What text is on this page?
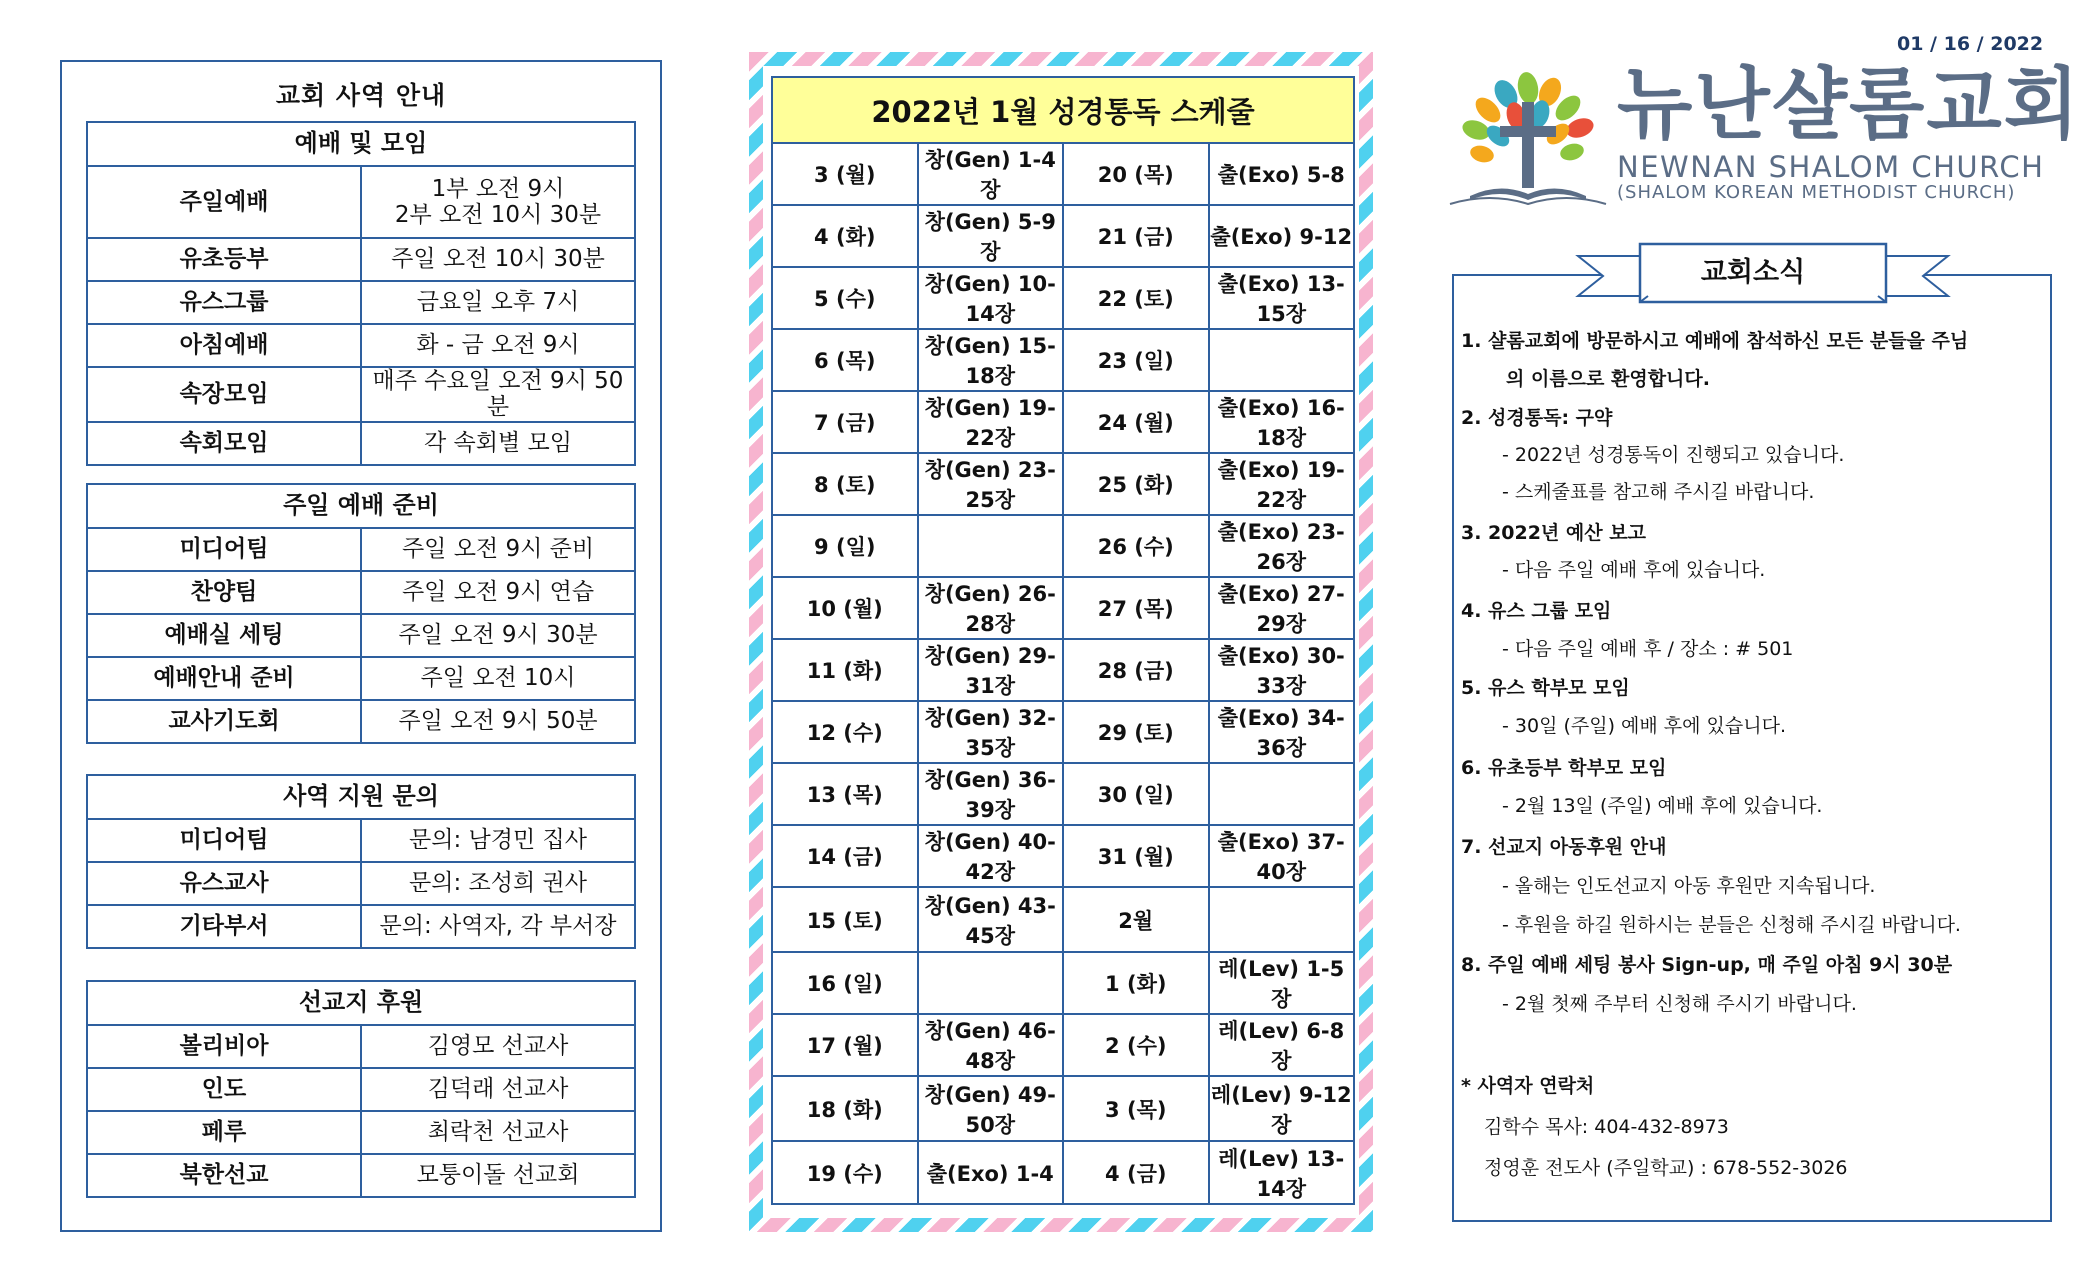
교회 사역 안내
예배 및 모임	
주일예배	1부 오전 9시
2부 오전 10시 30분

유초등부	주일 오전 10시 30분
유스그룹	금요일 오후 7시
아침예배	화 - 금 오전 9시
속장모임	매주 수요일 오전 9시 50분
속회모임	각 속회별 모임
주일 예배 준비	
미디어팀	주일 오전 9시 준비
찬양팀	주일 오전 9시 연습
예배실 세팅	주일 오전 9시 30분
예배안내 준비	주일 오전 10시
교사기도회	주일 오전 9시 50분
사역 지원 문의	
미디어팀	문의: 남경민 집사
유스교사	문의: 조성희 권사
기타부서	문의: 사역자, 각 부서장
선교지 후원	
볼리비아	김영모 선교사
인도	김덕래 선교사
페루	최락천 선교사
북한선교	모퉁이돌 선교회
2022년 1월 성경통독 스케줄			
3 (월)	창(Gen) 1-4장	20 (목)	출(Exo) 5-8
4 (화)	창(Gen) 5-9장	21 (금)	출(Exo) 9-12
5 (수)	창(Gen) 10-14장	22 (토)	출(Exo) 13-15장
6 (목)	창(Gen) 15-18장	23 (일)	
7 (금)	창(Gen) 19-22장	24 (월)	출(Exo) 16-18장
8 (토)	창(Gen) 23-25장	25 (화)	출(Exo) 19-22장
9 (일)		26 (수)	출(Exo) 23-26장
10 (월)	창(Gen) 26-28장	27 (목)	출(Exo) 27-29장
11 (화)	창(Gen) 29-31장	28 (금)	출(Exo) 30-33장
12 (수)	창(Gen) 32-35장	29 (토)	출(Exo) 34-36장
13 (목)	창(Gen) 36-39장	30 (일)	
14 (금)	창(Gen) 40-42장	31 (월)	출(Exo) 37-40장
15 (토)	창(Gen) 43-45장	2월	
16 (일)		1 (화)	레(Lev) 1-5장
17 (월)	창(Gen) 46-48장	2 (수)	레(Lev) 6-8장
18 (화)	창(Gen) 49-50장	3 (목)	레(Lev) 9-12장
19 (수)	출(Exo) 1-4	4 (금)	레(Lev) 13-14장
01 / 16 / 2022
뉴난샬롬교회
NEWNAN SHALOM CHURCH
(SHALOM KOREAN METHODIST CHURCH)
교회소식
1. 샬롬교회에 방문하시고 예배에 참석하신 모든 분들을 주님
의 이름으로 환영합니다.
2. 성경통독: 구약
- 2022년 성경통독이 진행되고 있습니다.
- 스케줄표를 참고해 주시길 바랍니다.
3. 2022년 예산 보고
- 다음 주일 예배 후에 있습니다.
4. 유스 그룹 모임
- 다음 주일 예배 후 / 장소 : # 501
5. 유스 학부모 모임
- 30일 (주일) 예배 후에 있습니다.
6. 유초등부 학부모 모임
- 2월 13일 (주일) 예배 후에 있습니다.
7. 선교지 아동후원 안내
- 올해는 인도선교지 아동 후원만 지속됩니다.
- 후원을 하길 원하시는 분들은 신청해 주시길 바랍니다.
8. 주일 예배 세팅 봉사 Sign-up, 매 주일 아침 9시 30분
- 2월 첫째 주부터 신청해 주시기 바랍니다.
* 사역자 연락처
김학수 목사: 404-432-8973
정영훈 전도사 (주일학교) : 678-552-3026
